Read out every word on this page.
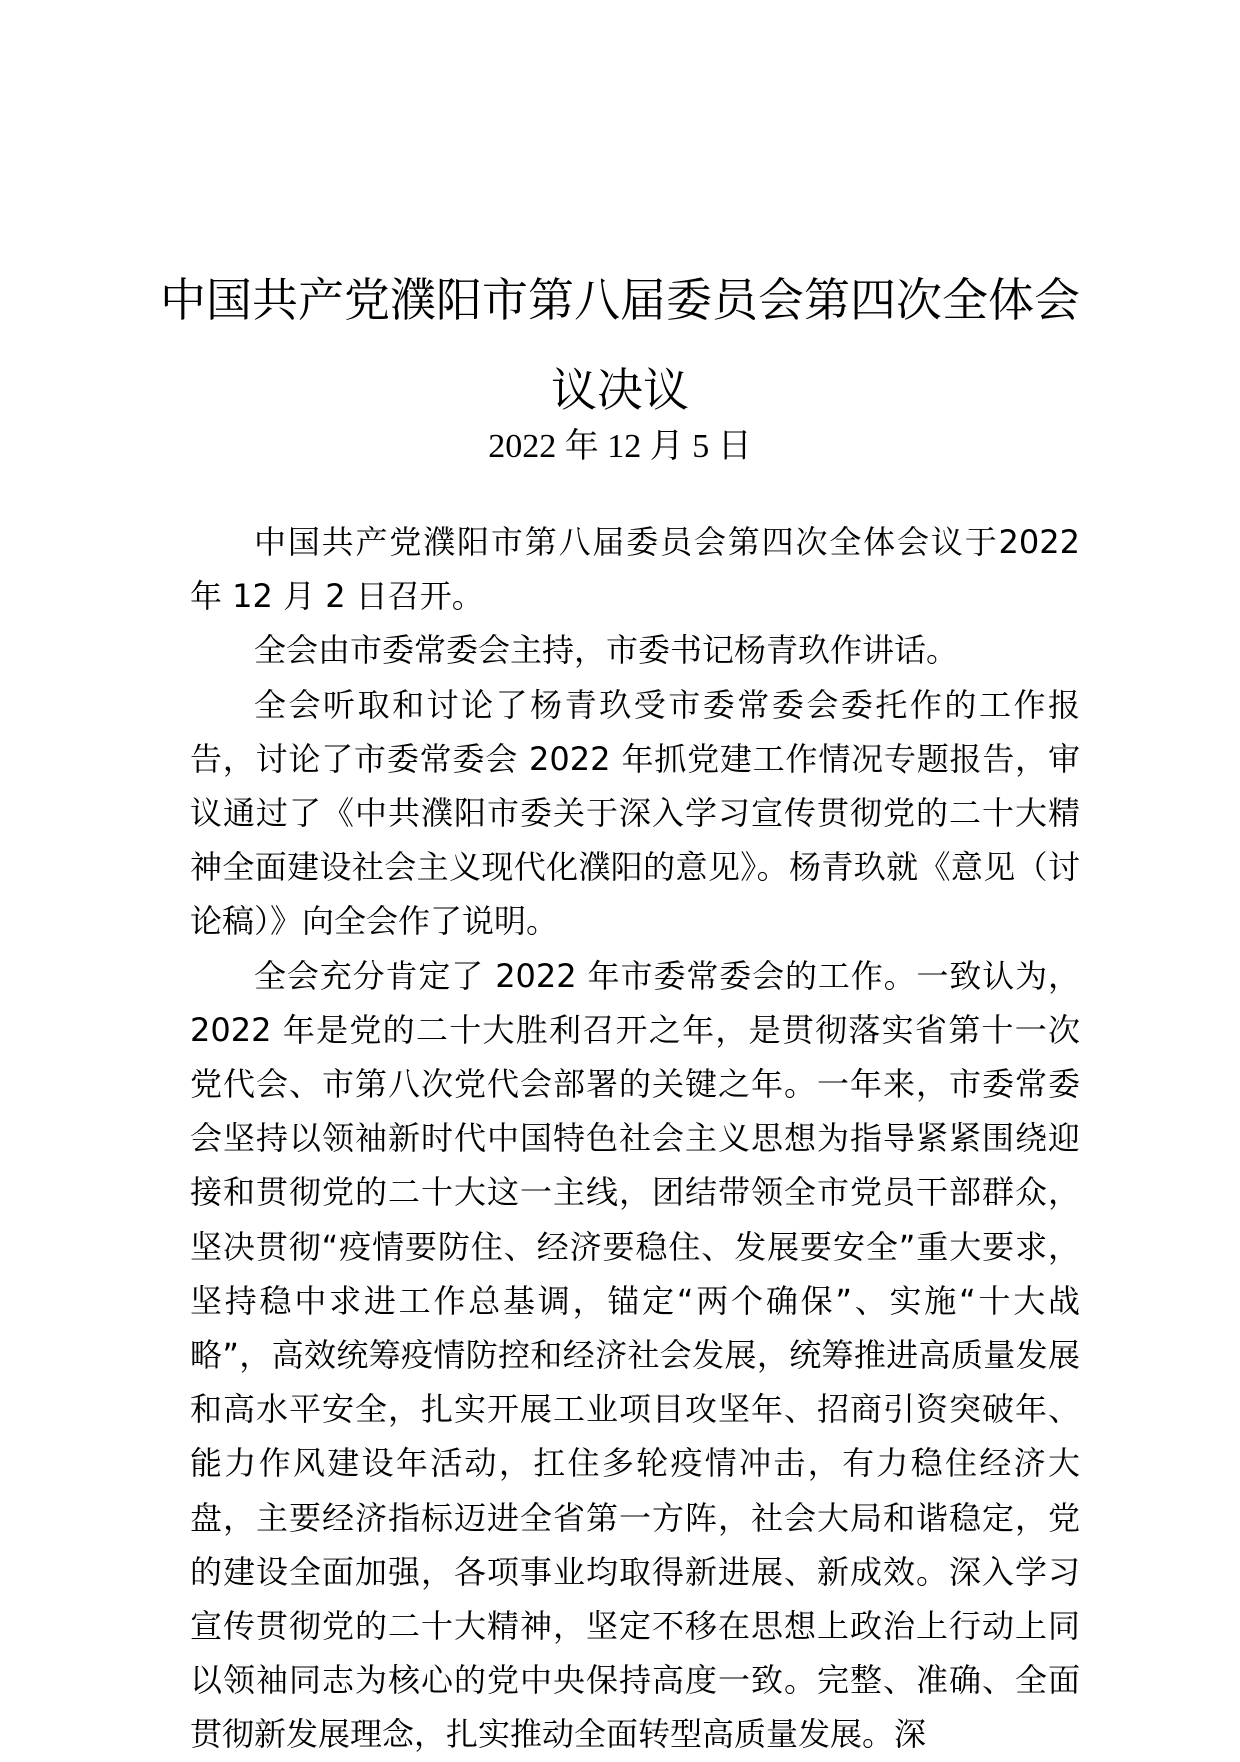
中国共产党濮阳市第八届委员会第四次全体会议决议
2022 年 12 月 5 日

中国共产党濮阳市第八届委员会第四次全体会议于2022 年 12 月 2 日召开。

全会由市委常委会主持，市委书记杨青玖作讲话。

全会听取和讨论了杨青玖受市委常委会委托作的工作报告，讨论了市委常委会 2022 年抓党建工作情况专题报告，审议通过了《中共濮阳市委关于深入学习宣传贯彻党的二十大精神全面建设社会主义现代化濮阳的意见》。杨青玖就《意见（讨论稿）》向全会作了说明。

全会充分肯定了 2022 年市委常委会的工作。一致认为，2022 年是党的二十大胜利召开之年，是贯彻落实省第十一次党代会、市第八次党代会部署的关键之年。一年来，市委常委会坚持以领袖新时代中国特色社会主义思想为指导紧紧围绕迎接和贯彻党的二十大这一主线，团结带领全市党员干部群众，坚决贯彻“疫情要防住、经济要稳住、发展要安全”重大要求，坚持稳中求进工作总基调，锚定“两个确保”、实施“十大战略”，高效统筹疫情防控和经济社会发展，统筹推进高质量发展和高水平安全，扎实开展工业项目攻坚年、招商引资突破年、能力作风建设年活动，扛住多轮疫情冲击，有力稳住经济大盘，主要经济指标迈进全省第一方阵，社会大局和谐稳定，党的建设全面加强，各项事业均取得新进展、新成效。深入学习宣传贯彻党的二十大精神，坚定不移在思想上政治上行动上同以领袖同志为核心的党中央保持高度一致。完整、准确、全面贯彻新发展理念，扎实推动全面转型高质量发展。深
